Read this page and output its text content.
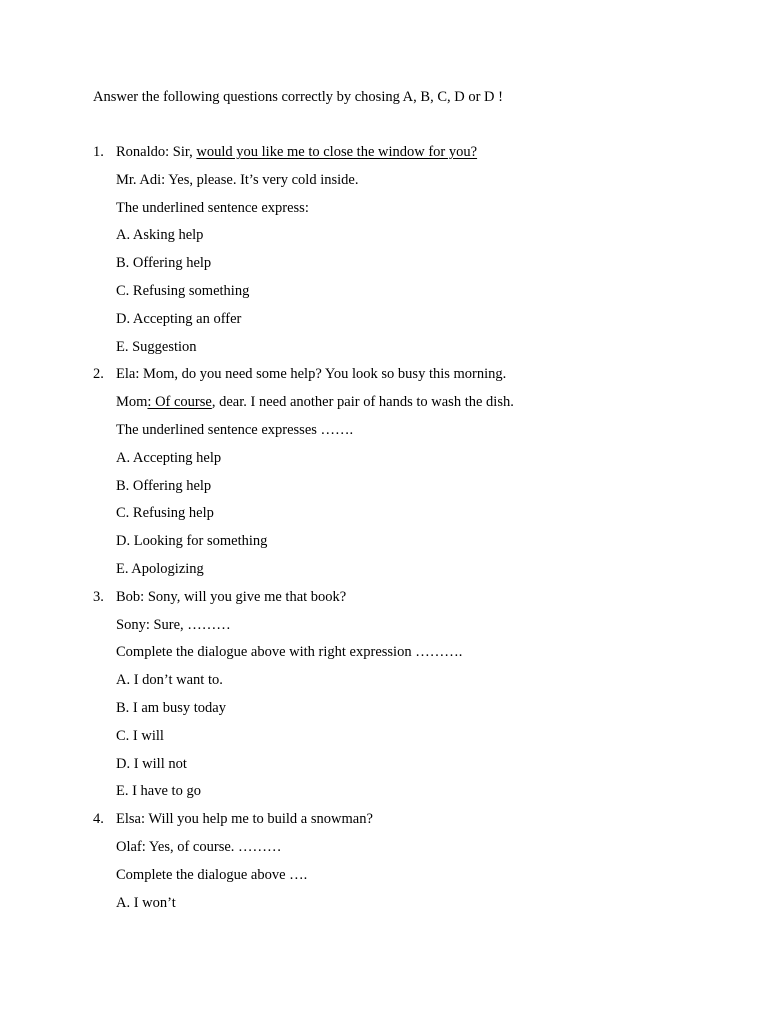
Answer the following questions correctly by chosing A, B, C, D or D !
1. Ronaldo: Sir, would you like me to close the window for you?
Mr. Adi: Yes, please. It’s very cold inside.
The underlined sentence express:
A. Asking help
B. Offering help
C. Refusing something
D. Accepting an offer
E. Suggestion
2. Ela: Mom, do you need some help? You look so busy this morning.
Mom: Of course, dear. I need another pair of hands to wash the dish.
The underlined sentence expresses …….
A. Accepting help
B. Offering help
C. Refusing help
D. Looking for something
E. Apologizing
3. Bob: Sony, will you give me that book?
Sony: Sure, ………
Complete the dialogue above with right expression ……….
A. I don’t want to.
B. I am busy today
C. I will
D. I will not
E. I have to go
4. Elsa: Will you help me to build a snowman?
Olaf: Yes, of course. ………
Complete the dialogue above ….
A. I won’t
